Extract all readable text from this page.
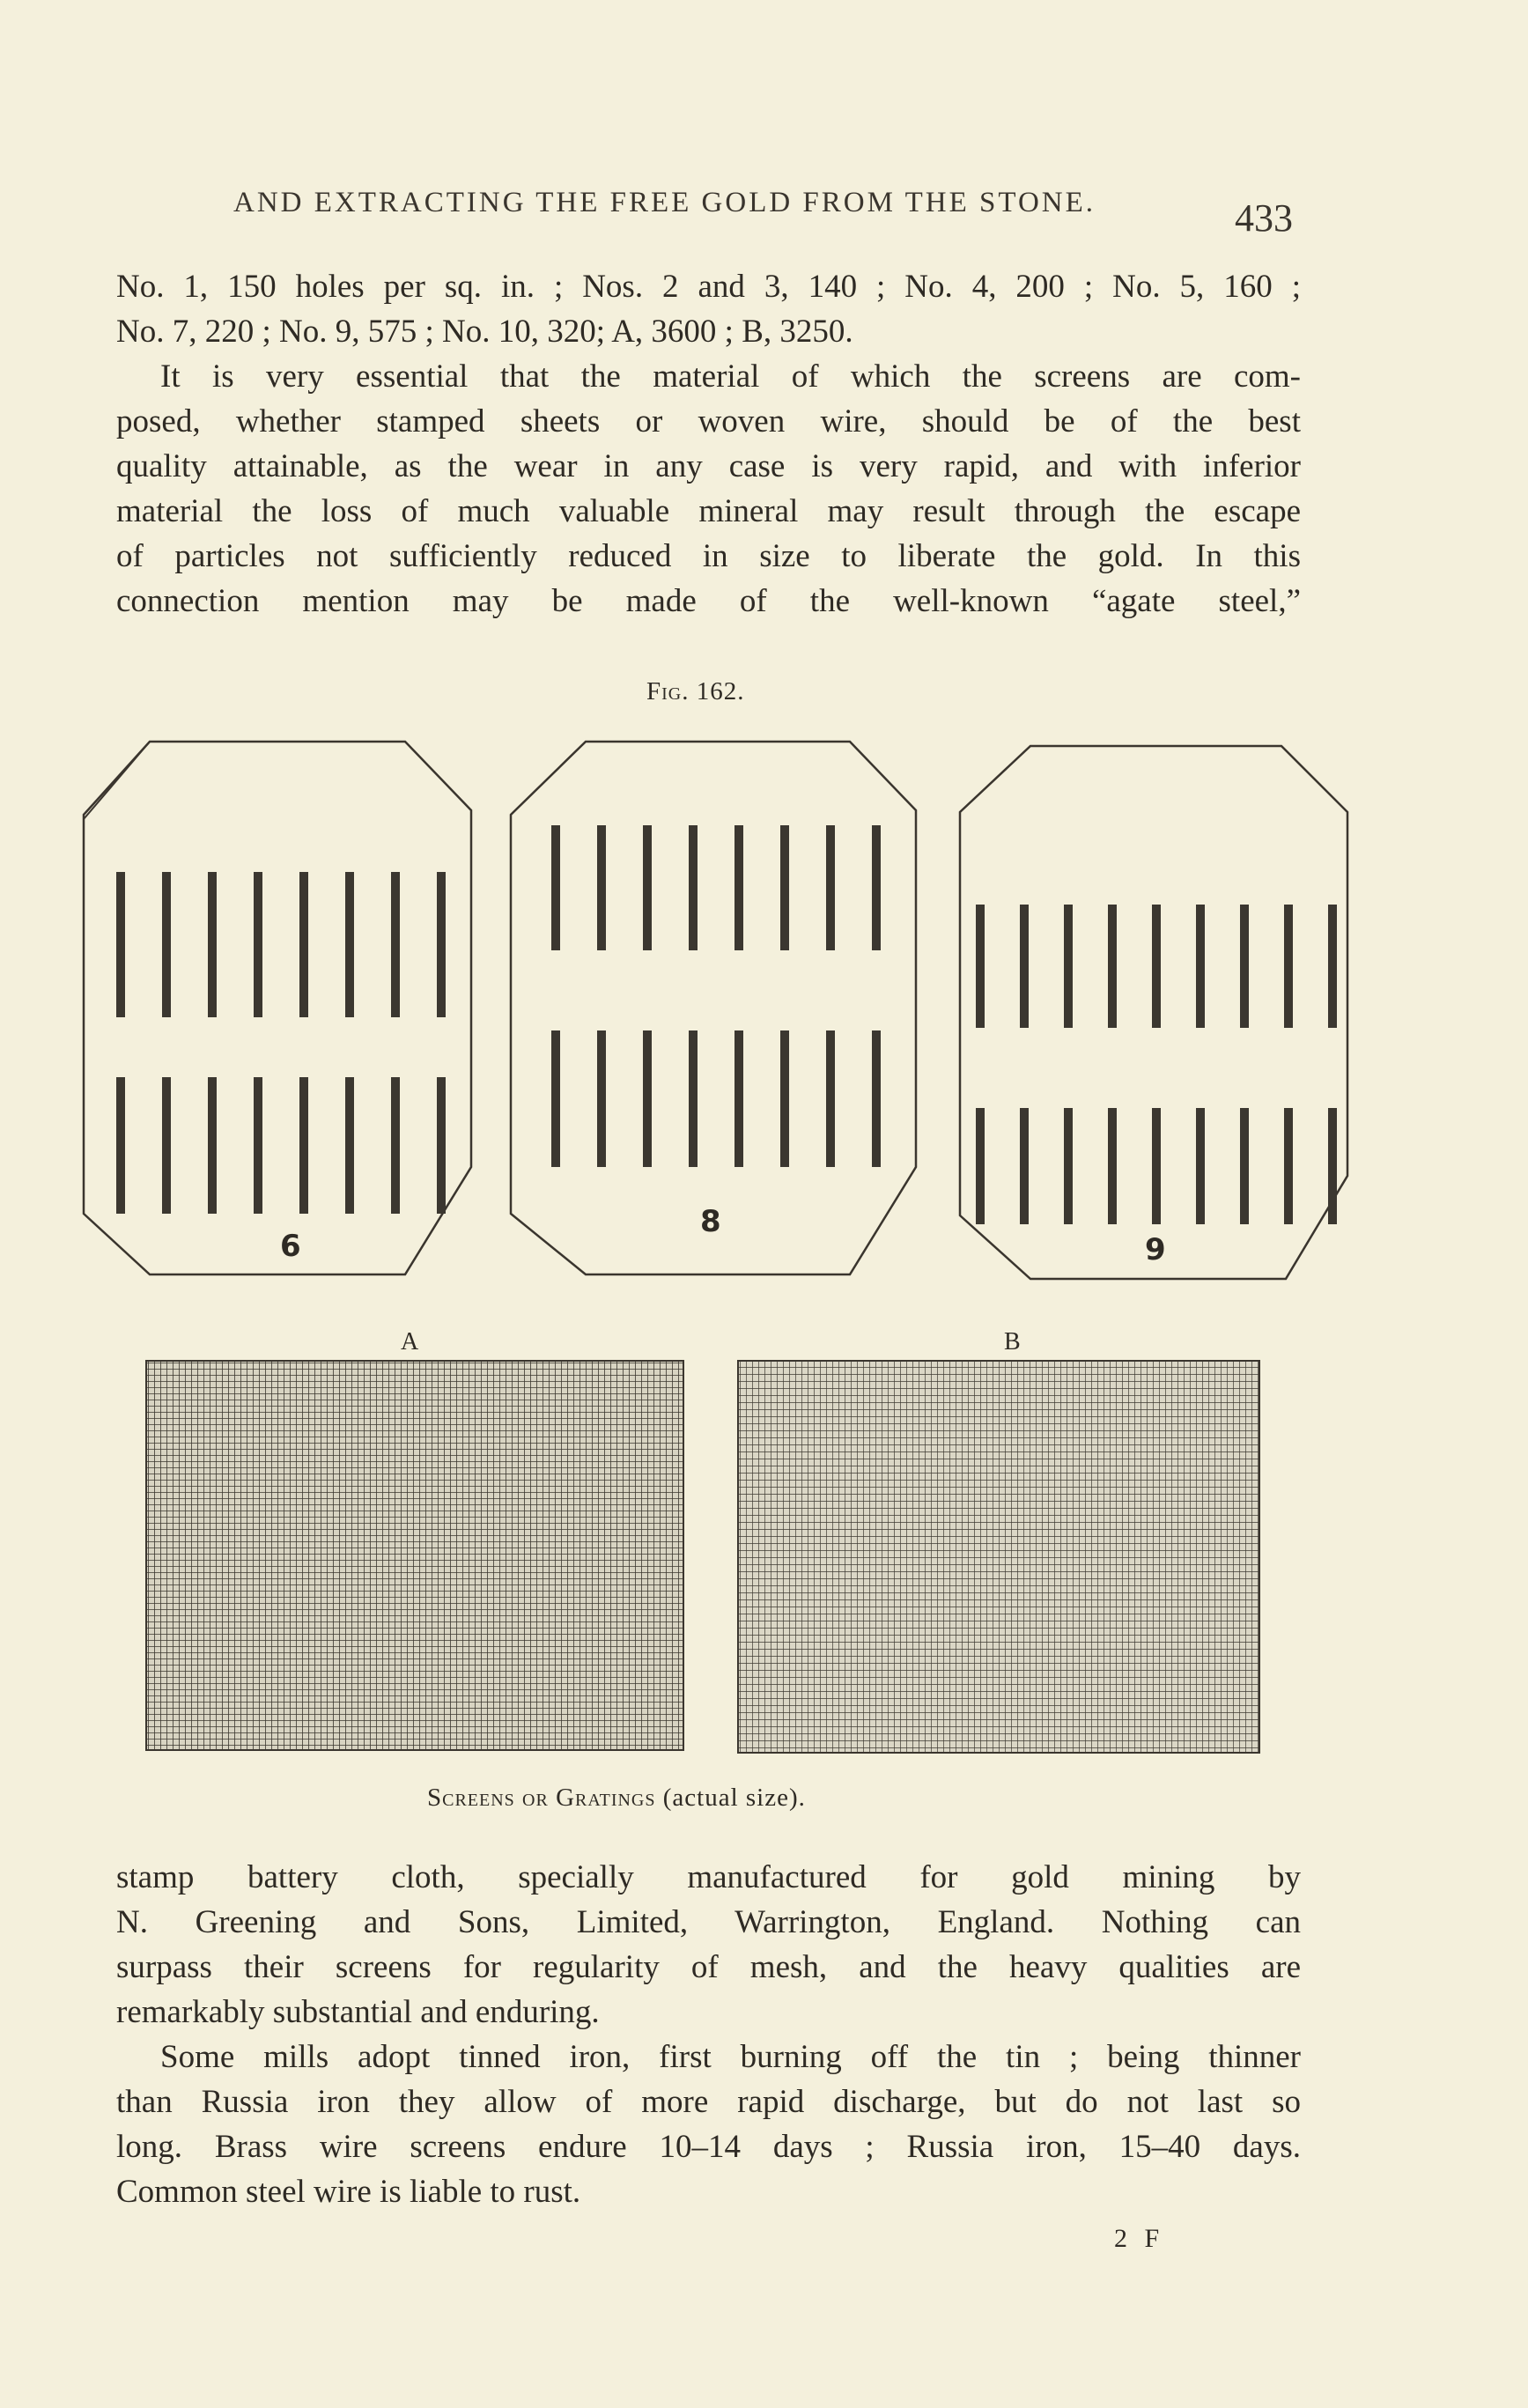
AND EXTRACTING THE FREE GOLD FROM THE STONE.	433
No. 1, 150 holes per sq. in. ; Nos. 2 and 3, 140 ; No. 4, 200 ; No. 5, 160 ;
No. 7, 220 ; No. 9, 575 ; No. 10, 320; A, 3600 ; B, 3250.
It is very essential that the material of which the screens are com-
posed, whether stamped sheets or woven wire, should be of the best
quality attainable, as the wear in any case is very rapid, and with inferior
material the loss of much valuable mineral may result through the escape
of particles not sufficiently reduced in size to liberate the gold. In this
connection mention may be made of the well-known “agate steel,”
Fig. 162.
6
8
9
A	B
Screens or Gratings (actual size).
stamp battery cloth, specially manufactured for gold mining by
N. Greening and Sons, Limited, Warrington, England. Nothing can
surpass their screens for regularity of mesh, and the heavy qualities are
remarkably substantial and enduring.
Some mills adopt tinned iron, first burning off the tin ; being thinner
than Russia iron they allow of more rapid discharge, but do not last so
long. Brass wire screens endure 10–14 days ; Russia iron, 15–40 days.
Common steel wire is liable to rust.
2 F
